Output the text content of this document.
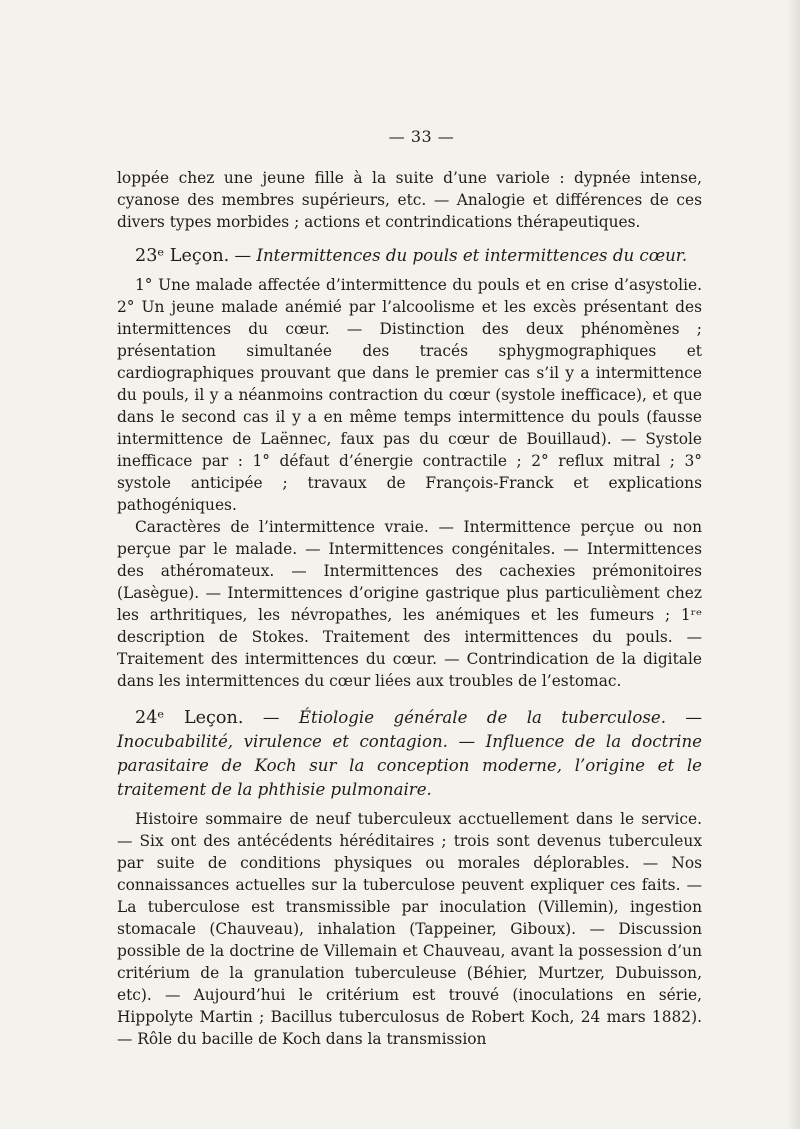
— 33 —

loppée chez une jeune fille à la suite d’une variole : dypnée intense, cyanose des membres supérieurs, etc. — Analogie et différences de ces divers types morbides ; actions et contrindications thérapeutiques.

23ᵉ Leçon. — Intermittences du pouls et intermittences du cœur.

1° Une malade affectée d’intermittence du pouls et en crise d’asystolie. 2° Un jeune malade anémié par l’alcoolisme et les excès présentant des intermittences du cœur. — Distinction des deux phénomènes ; présentation simultanée des tracés sphygmographiques et cardiographiques prouvant que dans le premier cas s’il y a intermittence du pouls, il y a néanmoins contraction du cœur (systole inefficace), et que dans le second cas il y a en même temps intermittence du pouls (fausse intermittence de Laënnec, faux pas du cœur de Bouillaud). — Systole inefficace par : 1° défaut d’énergie contractile ; 2° reflux mitral ; 3° systole anticipée ; travaux de François-Franck et explications pathogéniques.

Caractères de l’intermittence vraie. — Intermittence perçue ou non perçue par le malade. — Intermittences congénitales. — Intermittences des athéromateux. — Intermittences des cachexies prémonitoires (Lasègue). — Intermittences d’origine gastrique plus particulièment chez les arthritiques, les névropathes, les anémiques et les fumeurs ; 1ʳᵉ description de Stokes. Traitement des intermittences du pouls. — Traitement des intermittences du cœur. — Contrindication de la digitale dans les intermittences du cœur liées aux troubles de l’estomac.

24ᵉ Leçon. — Étiologie générale de la tuberculose. — Inocubabilité, virulence et contagion. — Influence de la doctrine parasitaire de Koch sur la conception moderne, l’origine et le traitement de la phthisie pulmonaire.

Histoire sommaire de neuf tuberculeux acctuellement dans le service. — Six ont des antécédents héréditaires ; trois sont devenus tuberculeux par suite de conditions physiques ou morales déplorables. — Nos connaissances actuelles sur la tuberculose peuvent expliquer ces faits. — La tuberculose est transmissible par inoculation (Villemin), ingestion stomacale (Chauveau), inhalation (Tappeiner, Giboux). — Discussion possible de la doctrine de Villemain et Chauveau, avant la possession d’un critérium de la granulation tuberculeuse (Béhier, Murtzer, Dubuisson, etc). — Aujourd’hui le critérium est trouvé (inoculations en série, Hippolyte Martin ; Bacillus tuberculosus de Robert Koch, 24 mars 1882). — Rôle du bacille de Koch dans la transmission
